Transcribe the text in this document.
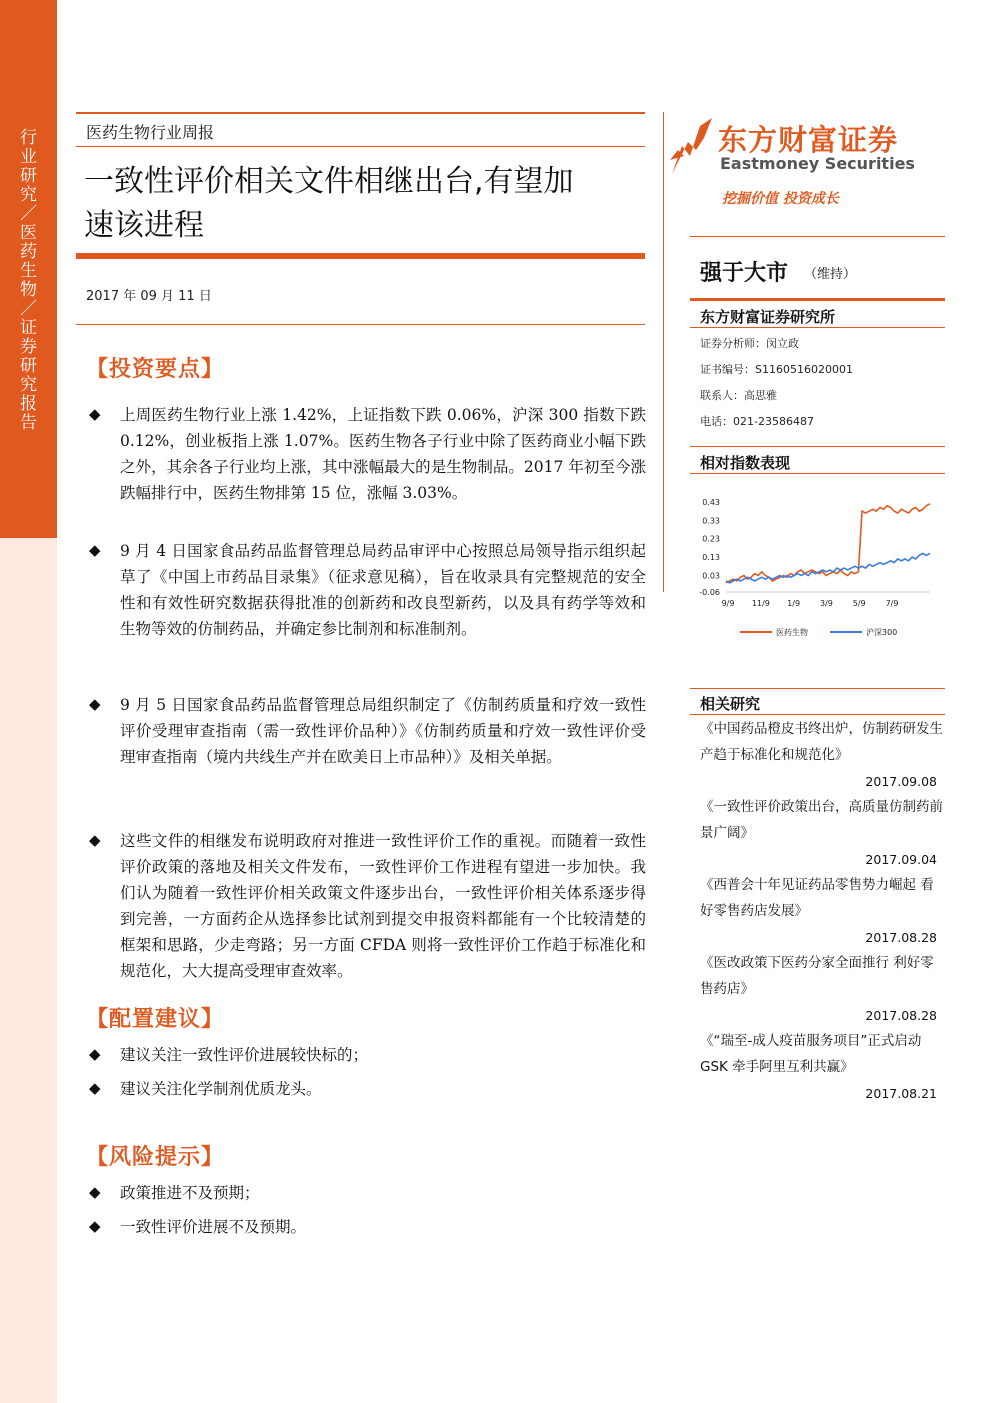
行业研究／医药生物／证券研究报告	医药生物行业周报
一致性评价相关文件相继出台,有望加
速该进程
2017 年 09 月 11 日
【投资要点】
◆ 上周医药生物行业上涨 1.42%，上证指数下跌 0.06%，沪深 300 指数下跌 0.12%，创业板指上涨 1.07%。医药生物各子行业中除了医药商业小幅下跌之外，其余各子行业均上涨，其中涨幅最大的是生物制品。2017 年初至今涨跌幅排行中，医药生物排第 15 位，涨幅 3.03%。
◆ 9 月 4 日国家食品药品监督管理总局药品审评中心按照总局领导指示组织起草了《中国上市药品目录集》（征求意见稿），旨在收录具有完整规范的安全性和有效性研究数据获得批准的创新药和改良型新药，以及具有药学等效和生物等效的仿制药品，并确定参比制剂和标准制剂。
◆ 9 月 5 日国家食品药品监督管理总局组织制定了《仿制药质量和疗效一致性评价受理审查指南（需一致性评价品种）》《仿制药质量和疗效一致性评价受理审查指南（境内共线生产并在欧美日上市品种）》及相关单据。
◆ 这些文件的相继发布说明政府对推进一致性评价工作的重视。而随着一致性评价政策的落地及相关文件发布，一致性评价工作进程有望进一步加快。我们认为随着一致性评价相关政策文件逐步出台，一致性评价相关体系逐步得到完善，一方面药企从选择参比试剂到提交申报资料都能有一个比较清楚的框架和思路，少走弯路；另一方面 CFDA 则将一致性评价工作趋于标准化和规范化，大大提高受理审查效率。
【配置建议】
◆ 建议关注一致性评价进展较快标的；
◆ 建议关注化学制剂优质龙头。
【风险提示】
◆ 政策推进不及预期；
◆ 一致性评价进展不及预期。
东方财富证券
Eastmoney Securities
挖掘价值 投资成长
强于大市 （维持）
东方财富证券研究所
证券分析师：闵立政
证书编号：S1160516020001
联系人：高思雅
电话：021-23586487
相对指数表现
0.43
0.33
0.23
0.13
0.03
-0.06
9/9 11/9 1/9 3/9 5/9 7/9
医药生物	沪深300
相关研究
《中国药品橙皮书终出炉，仿制药研发生产趋于标准化和规范化》
2017.09.08
《一致性评价政策出台，高质量仿制药前景广阔》
2017.09.04
《西普会十年见证药品零售势力崛起 看好零售药店发展》
2017.08.28
《医改政策下医药分家全面推行 利好零售药店》
2017.08.28
《“瑞至-成人疫苗服务项目”正式启动 GSK 牵手阿里互利共赢》
2017.08.21
